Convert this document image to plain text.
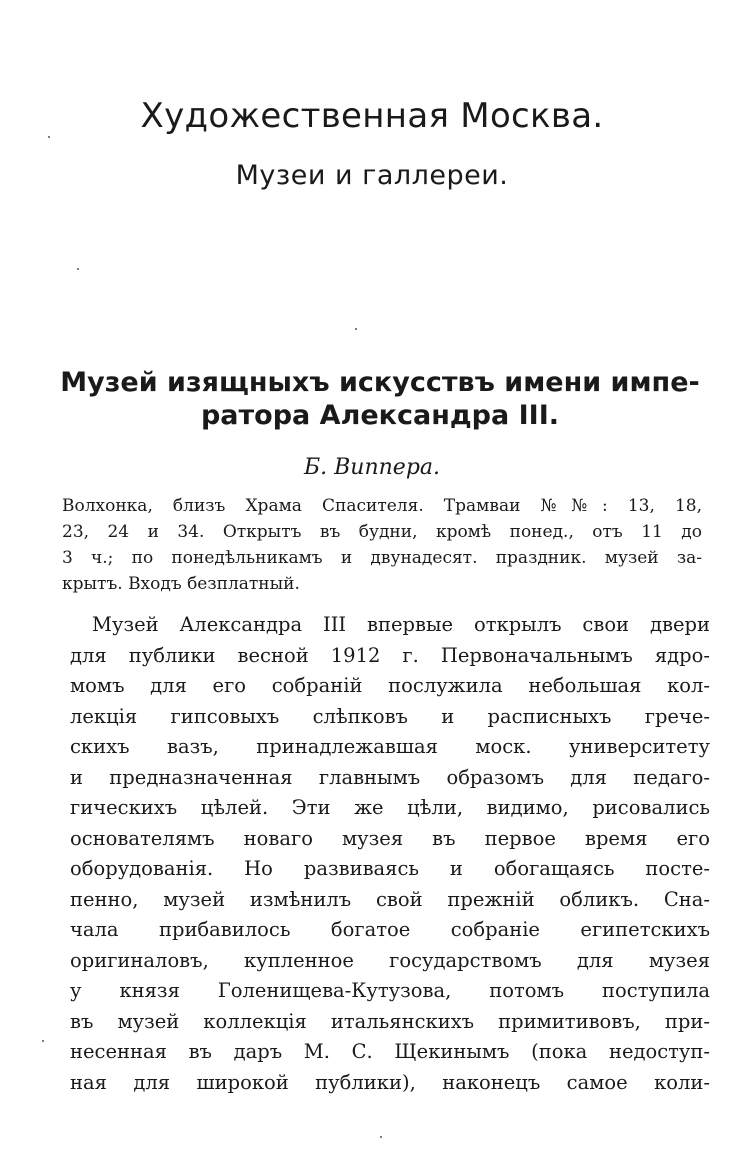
Художественная Москва.
Музеи и галлереи.
Музей изящныхъ искусствъ имени импе-
ратора Александра III.
Б. Виппера.
Волхонка, близъ Храма Спасителя. Трамваи №№: 13, 18,
23, 24 и 34. Открытъ въ будни, кромѣ понед., отъ 11 до
3 ч.; по понедѣльникамъ и двунадесят. праздник. музей за-
крытъ. Входъ безплатный.
Музей Александра III впервые открылъ свои двери
для публики весной 1912 г. Первоначальнымъ ядро-
момъ для его собраній послужила небольшая кол-
лекція гипсовыхъ слѣпковъ и расписныхъ грече-
скихъ вазъ, принадлежавшая моск. университету
и предназначенная главнымъ образомъ для педаго-
гическихъ цѣлей. Эти же цѣли, видимо, рисовались
основателямъ новаго музея въ первое время его
оборудованія. Но развиваясь и обогащаясь посте-
пенно, музей измѣнилъ свой прежній обликъ. Сна-
чала прибавилось богатое собраніе египетскихъ
оригиналовъ, купленное государствомъ для музея
у князя Голенищева-Кутузова, потомъ поступила
въ музей коллекція итальянскихъ примитивовъ, при-
несенная въ даръ М. С. Щекинымъ (пока недоступ-
ная для широкой публики), наконецъ самое коли-
